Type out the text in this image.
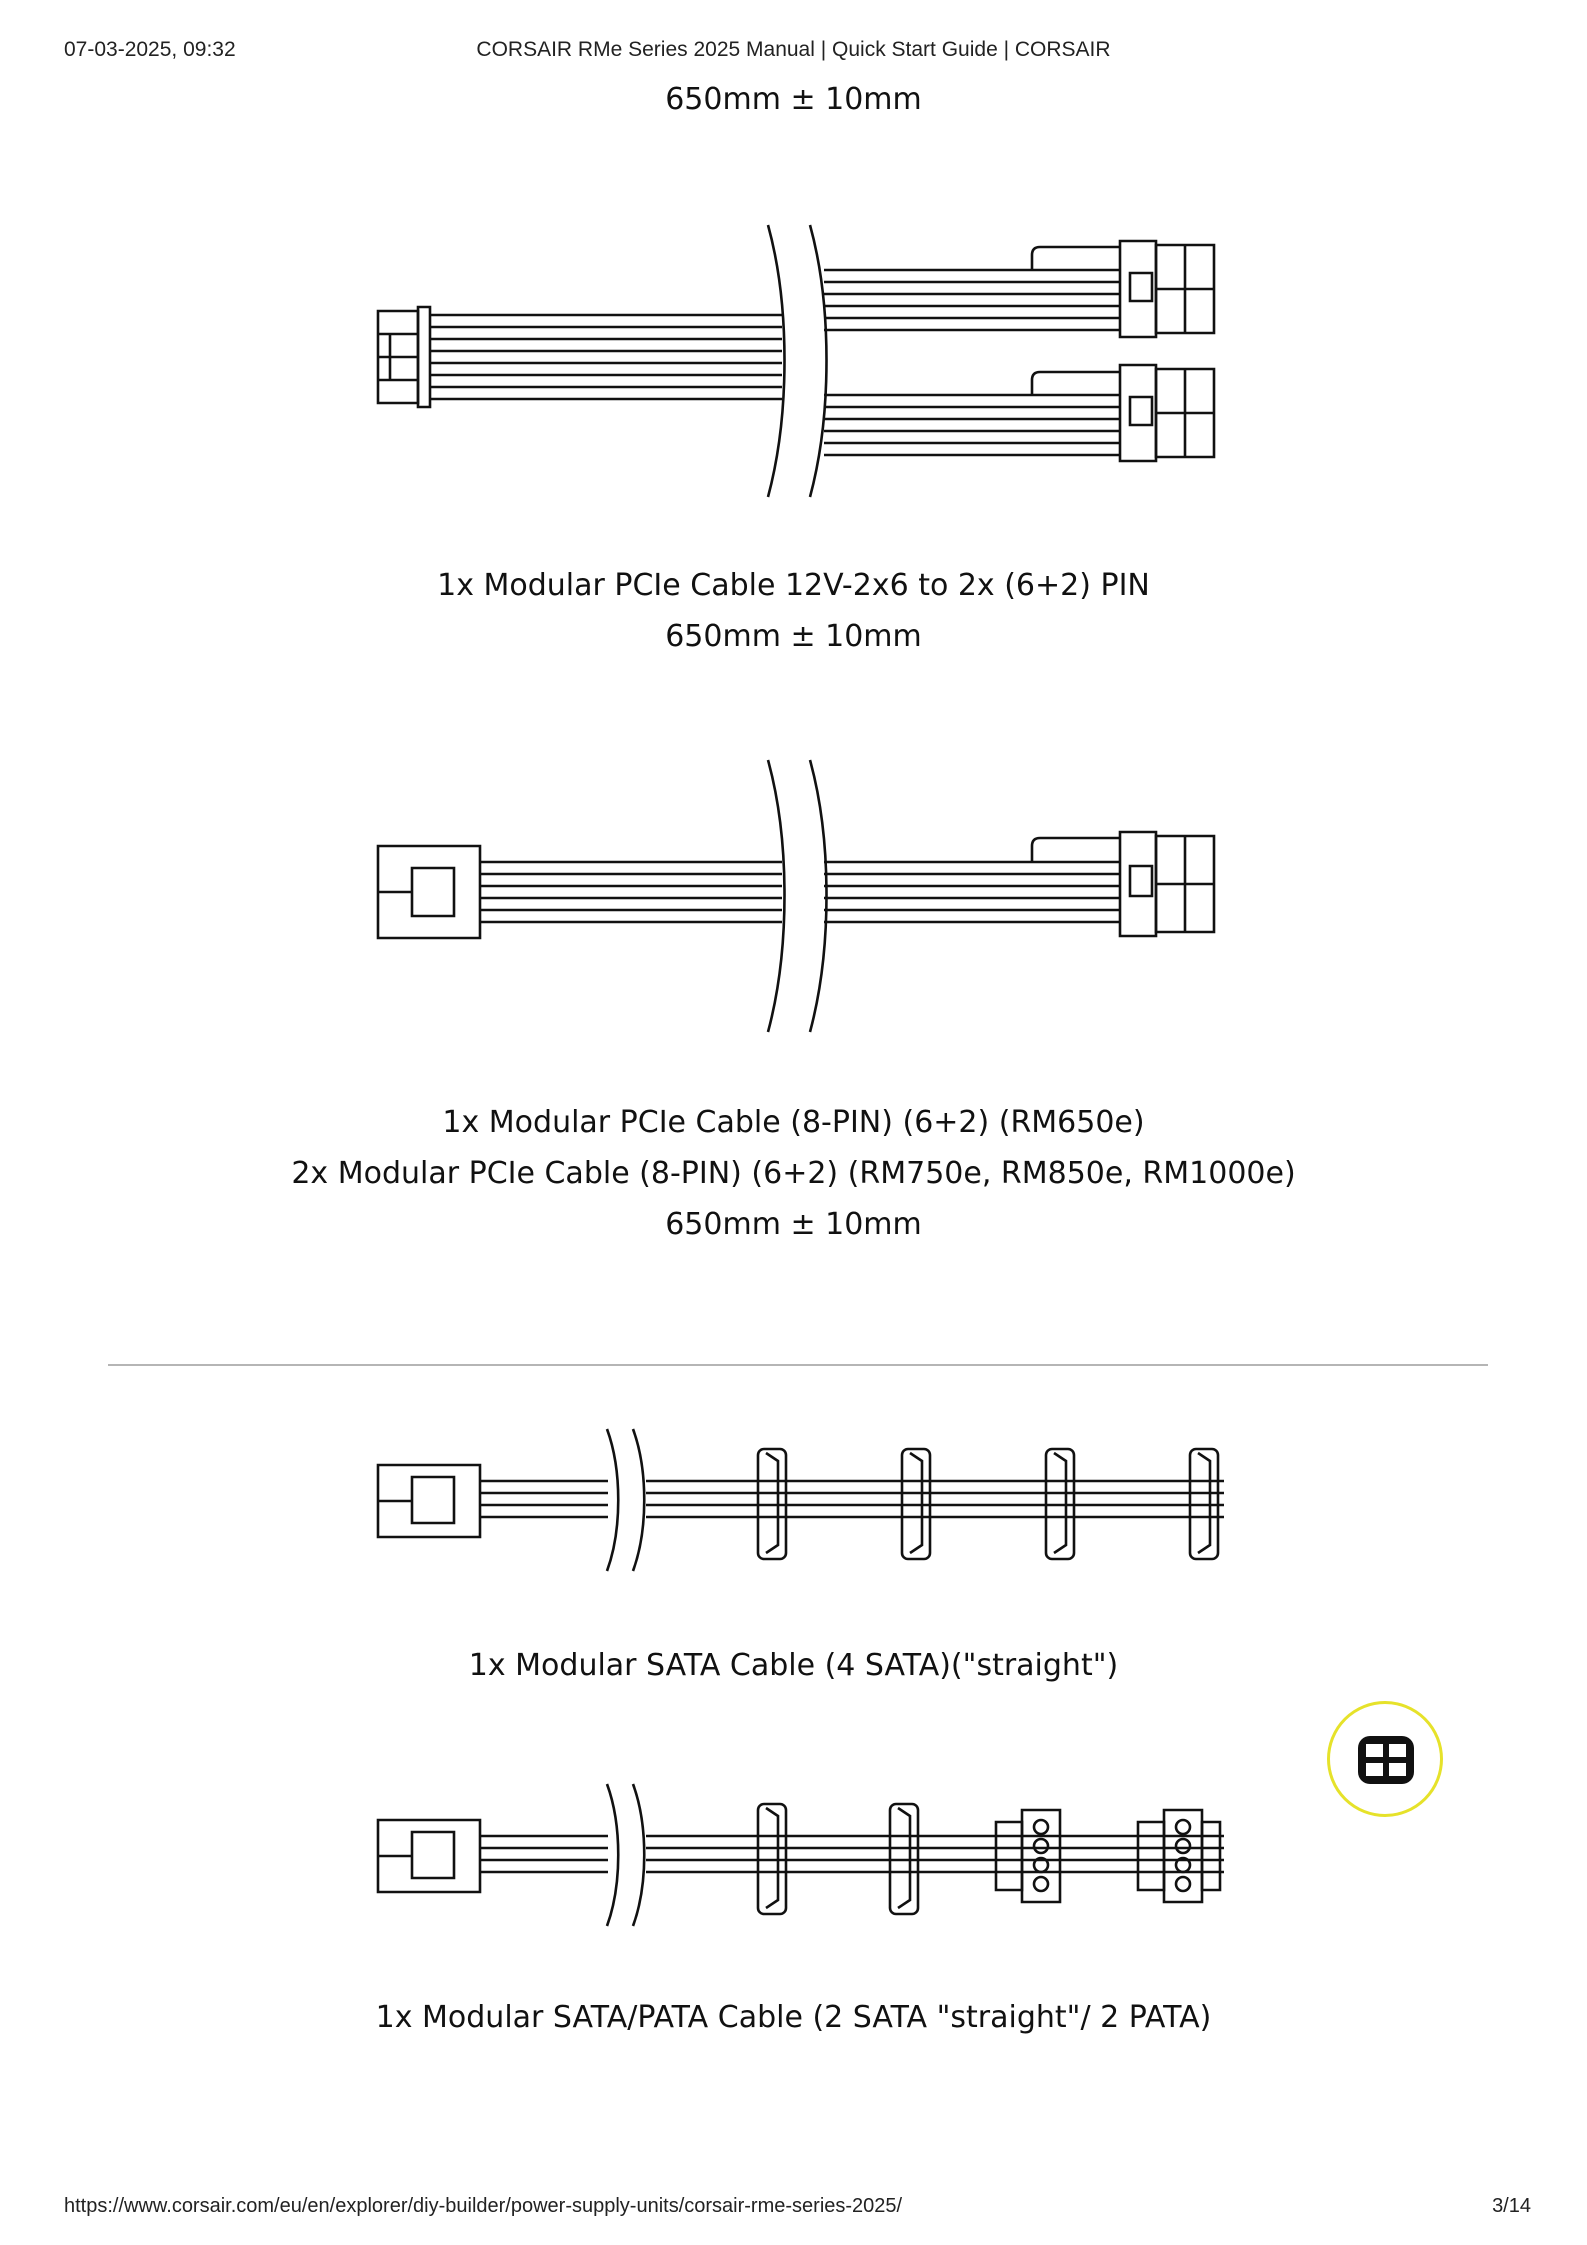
07-03-2025, 09:32	CORSAIR RMe Series 2025 Manual | Quick Start Guide | CORSAIR
650mm ± 10mm
1x Modular PCIe Cable 12V-2x6 to 2x (6+2) PIN
650mm ± 10mm
1x Modular PCIe Cable (8-PIN) (6+2) (RM650e)
2x Modular PCIe Cable (8-PIN) (6+2) (RM750e, RM850e, RM1000e)
650mm ± 10mm
1x Modular SATA Cable (4 SATA)("straight")
1x Modular SATA/PATA Cable (2 SATA "straight"/ 2 PATA)
https://www.corsair.com/eu/en/explorer/diy-builder/power-supply-units/corsair-rme-series-2025/	3/14
